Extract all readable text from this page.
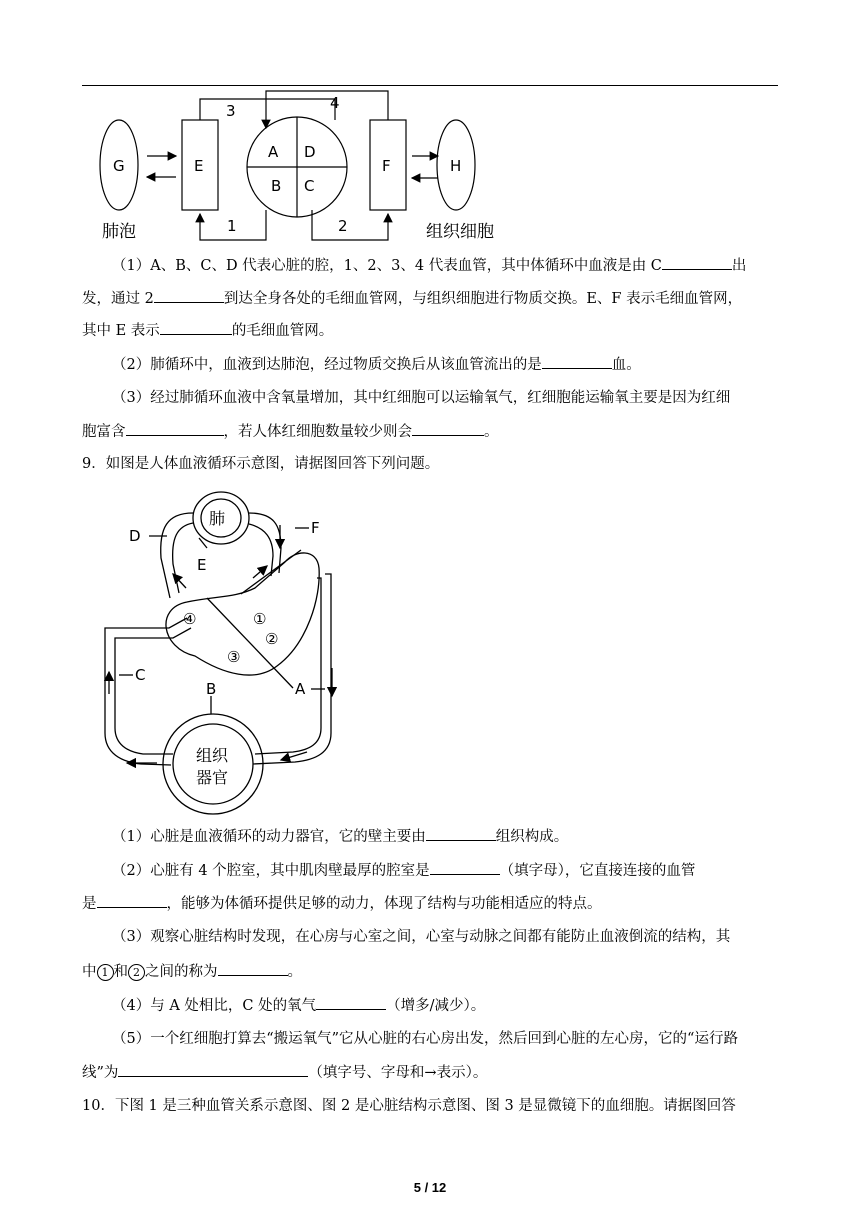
3	4
1	2
A D
B C
E	F
G	H
肺泡	组织细胞

（1）A、B、C、D 代表心脏的腔，1、2、3、4 代表血管，其中体循环中血液是由 C	出

发，通过 2	到达全身各处的毛细血管网，与组织细胞进行物质交换。E、F 表示毛细血管网，

其中 E 表示	的毛细血管网。

（2）肺循环中，血液到达肺泡，经过物质交换后从该血管流出的是	血。

（3）经过肺循环血液中含氧量增加，其中红细胞可以运输氧气，红细胞能运输氧主要是因为红细

胞富含	，若人体红细胞数量较少则会	。

9．如图是人体血液循环示意图，请据图回答下列问题。

肺
组织
器官
D
E
F
A
B
C
①
②
③
④

（1）心脏是血液循环的动力器官，它的壁主要由	组织构成。

（2）心脏有 4 个腔室，其中肌肉壁最厚的腔室是	（填字母），它直接连接的血管

是	，能够为体循环提供足够的动力，体现了结构与功能相适应的特点。

（3）观察心脏结构时发现，在心房与心室之间，心室与动脉之间都有能防止血液倒流的结构，其

中 1 和 2 之间的称为	。

（4）与 A 处相比，C 处的氧气	（增多/减少）。

（5）一个红细胞打算去“搬运氧气”它从心脏的右心房出发，然后回到心脏的左心房，它的“运行路

线”为	（填字号、字母和→表示）。

10．下图 1 是三种血管关系示意图、图 2 是心脏结构示意图、图 3 是显微镜下的血细胞。请据图回答

5 / 12
